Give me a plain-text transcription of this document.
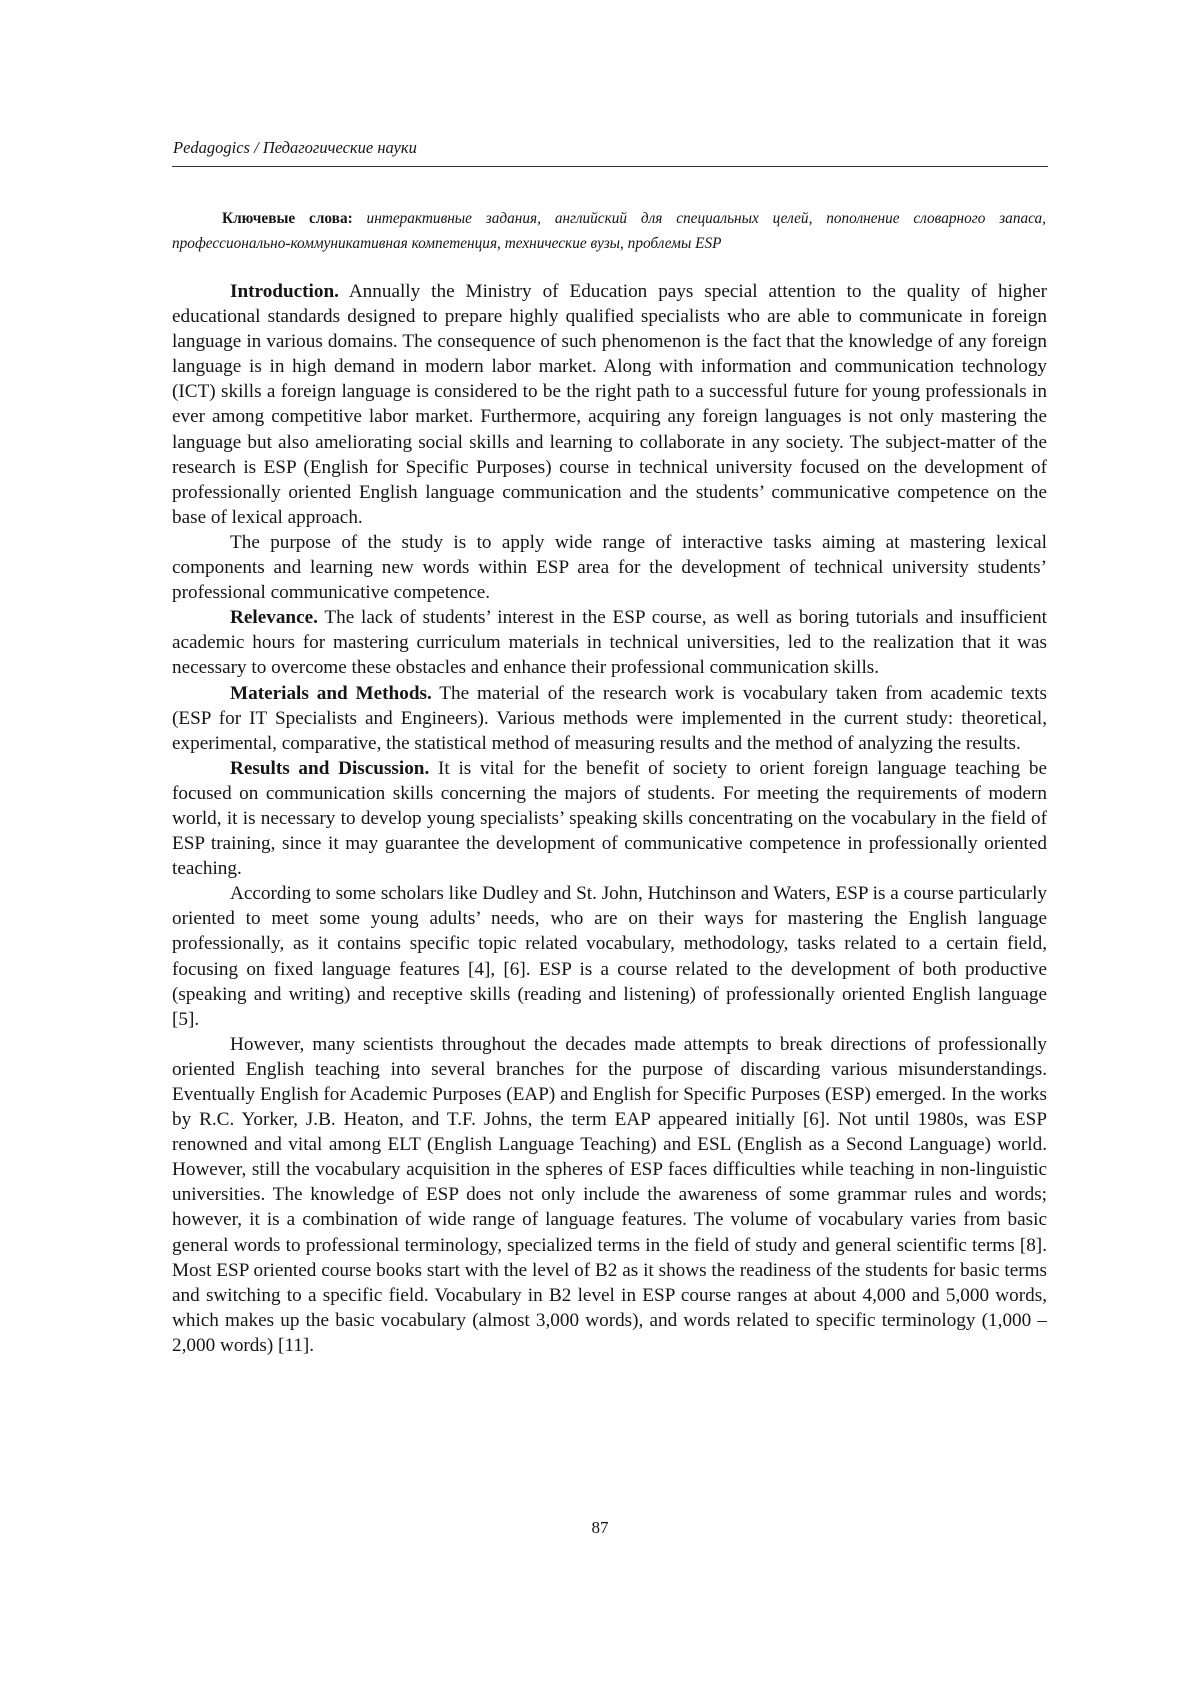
Pedagogics / Педагогические науки
Ключевые слова: интерактивные задания, английский для специальных целей, пополнение словарного запаса, профессионально-коммуникативная компетенция, технические вузы, проблемы ESP

Introduction. Annually the Ministry of Education pays special attention to the quality of higher educational standards designed to prepare highly qualified specialists who are able to communicate in foreign language in various domains. The consequence of such phenomenon is the fact that the knowledge of any foreign language is in high demand in modern labor market. Along with information and communication technology (ICT) skills a foreign language is considered to be the right path to a successful future for young professionals in ever among competitive labor market. Furthermore, acquiring any foreign languages is not only mastering the language but also ameliorating social skills and learning to collaborate in any society. The subject-matter of the research is ESP (English for Specific Purposes) course in technical university focused on the development of professionally oriented English language communication and the students’ communicative competence on the base of lexical approach.

The purpose of the study is to apply wide range of interactive tasks aiming at mastering lexical components and learning new words within ESP area for the development of technical university students’ professional communicative competence.

Relevance. The lack of students’ interest in the ESP course, as well as boring tutorials and insufficient academic hours for mastering curriculum materials in technical universities, led to the realization that it was necessary to overcome these obstacles and enhance their professional communication skills.

Materials and Methods. The material of the research work is vocabulary taken from academic texts (ESP for IT Specialists and Engineers). Various methods were implemented in the current study: theoretical, experimental, comparative, the statistical method of measuring results and the method of analyzing the results.

Results and Discussion. It is vital for the benefit of society to orient foreign language teaching be focused on communication skills concerning the majors of students. For meeting the requirements of modern world, it is necessary to develop young specialists’ speaking skills concentrating on the vocabulary in the field of ESP training, since it may guarantee the development of communicative competence in professionally oriented teaching.

According to some scholars like Dudley and St. John, Hutchinson and Waters, ESP is a course particularly oriented to meet some young adults’ needs, who are on their ways for mastering the English language professionally, as it contains specific topic related vocabulary, methodology, tasks related to a certain field, focusing on fixed language features [4], [6]. ESP is a course related to the development of both productive (speaking and writing) and receptive skills (reading and listening) of professionally oriented English language [5].

However, many scientists throughout the decades made attempts to break directions of professionally oriented English teaching into several branches for the purpose of discarding various misunderstandings. Eventually English for Academic Purposes (EAP) and English for Specific Purposes (ESP) emerged. In the works by R.C. Yorker, J.B. Heaton, and T.F. Johns, the term EAP appeared initially [6]. Not until 1980s, was ESP renowned and vital among ELT (English Language Teaching) and ESL (English as a Second Language) world. However, still the vocabulary acquisition in the spheres of ESP faces difficulties while teaching in non-linguistic universities. The knowledge of ESP does not only include the awareness of some grammar rules and words; however, it is a combination of wide range of language features. The volume of vocabulary varies from basic general words to professional terminology, specialized terms in the field of study and general scientific terms [8]. Most ESP oriented course books start with the level of B2 as it shows the readiness of the students for basic terms and switching to a specific field. Vocabulary in B2 level in ESP course ranges at about 4,000 and 5,000 words, which makes up the basic vocabulary (almost 3,000 words), and words related to specific terminology (1,000 – 2,000 words) [11].

87
